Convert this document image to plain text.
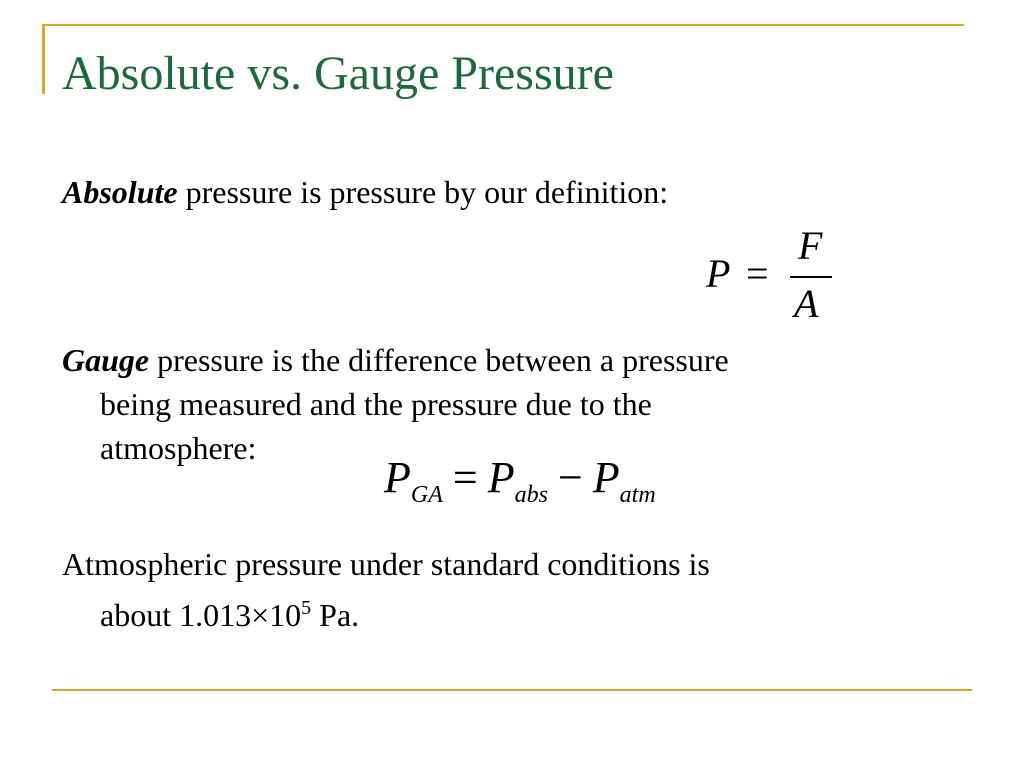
Absolute vs. Gauge Pressure
Absolute pressure is pressure by our definition:
P =
F
A
Gauge pressure is the difference between a pressure
being measured and the pressure due to the
atmosphere:
$P_{GA} = P_{abs} - P_{atm}$
Atmospheric pressure under standard conditions is
about $1.013\times 10^5$ Pa.
